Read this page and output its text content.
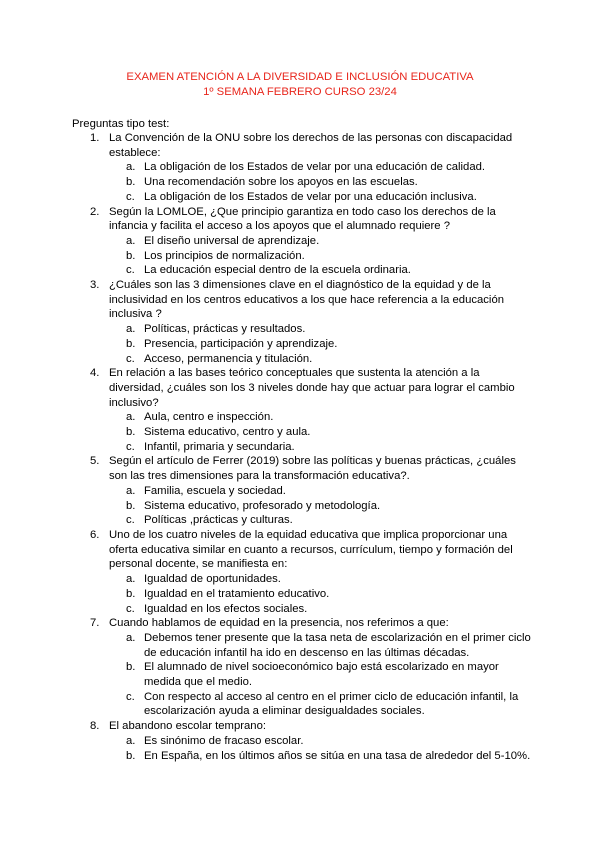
EXAMEN ATENCIÓN A LA DIVERSIDAD E INCLUSIÓN EDUCATIVA
1º SEMANA FEBRERO CURSO 23/24
Preguntas tipo test:
1. La Convención de la ONU sobre los derechos de las personas con discapacidad
establece:
a. La obligación de los Estados de velar por una educación de calidad.
b. Una recomendación sobre los apoyos en las escuelas.
c. La obligación de los Estados de velar por una educación inclusiva.
2. Según la LOMLOE, ¿Que principio garantiza en todo caso los derechos de la
infancia y facilita el acceso a los apoyos que el alumnado requiere ?
a. El diseño universal de aprendizaje.
b. Los principios de normalización.
c. La educación especial dentro de la escuela ordinaria.
3. ¿Cuáles son las 3 dimensiones clave en el diagnóstico de la equidad y de la
inclusividad en los centros educativos a los que hace referencia a la educación
inclusiva ?
a. Políticas, prácticas y resultados.
b. Presencia, participación y aprendizaje.
c. Acceso, permanencia y titulación.
4. En relación a las bases teórico conceptuales que sustenta la atención a la
diversidad, ¿cuáles son los 3 niveles donde hay que actuar para lograr el cambio
inclusivo?
a. Aula, centro e inspección.
b. Sistema educativo, centro y aula.
c. Infantil, primaria y secundaria.
5. Según el artículo de Ferrer (2019) sobre las políticas y buenas prácticas, ¿cuáles
son las tres dimensiones para la transformación educativa?.
a. Familia, escuela y sociedad.
b. Sistema educativo, profesorado y metodología.
c. Políticas ,prácticas y culturas.
6. Uno de los cuatro niveles de la equidad educativa que implica proporcionar una
oferta educativa similar en cuanto a recursos, currículum, tiempo y formación del
personal docente, se manifiesta en:
a. Igualdad de oportunidades.
b. Igualdad en el tratamiento educativo.
c. Igualdad en los efectos sociales.
7. Cuando hablamos de equidad en la presencia, nos referimos a que:
a. Debemos tener presente que la tasa neta de escolarización en el primer ciclo
de educación infantil ha ido en descenso en las últimas décadas.
b. El alumnado de nivel socioeconómico bajo está escolarizado en mayor
medida que el medio.
c. Con respecto al acceso al centro en el primer ciclo de educación infantil, la
escolarización ayuda a eliminar desigualdades sociales.
8. El abandono escolar temprano:
a. Es sinónimo de fracaso escolar.
b. En España, en los últimos años se sitúa en una tasa de alrededor del 5-10%.
